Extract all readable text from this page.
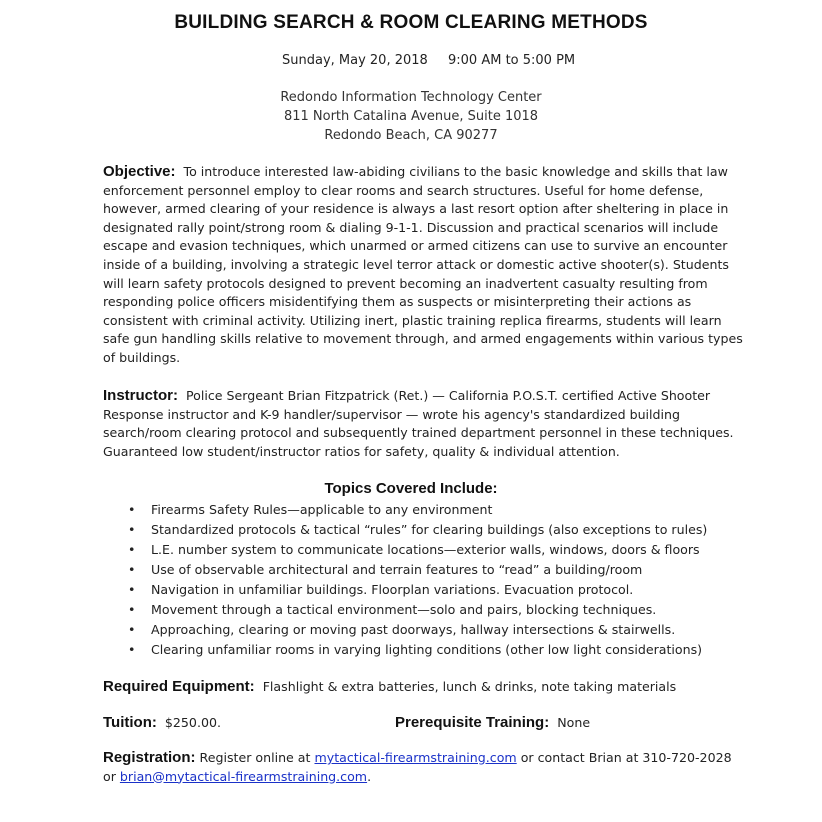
BUILDING SEARCH & ROOM CLEARING METHODS
Sunday, May 20, 2018 9:00 AM to 5:00 PM
Redondo Information Technology Center
811 North Catalina Avenue, Suite 1018
Redondo Beach, CA 90277
Objective: To introduce interested law-abiding civilians to the basic knowledge and skills that law enforcement personnel employ to clear rooms and search structures. Useful for home defense, however, armed clearing of your residence is always a last resort option after sheltering in place in designated rally point/strong room & dialing 9-1-1. Discussion and practical scenarios will include escape and evasion techniques, which unarmed or armed citizens can use to survive an encounter inside of a building, involving a strategic level terror attack or domestic active shooter(s). Students will learn safety protocols designed to prevent becoming an inadvertent casualty resulting from responding police officers misidentifying them as suspects or misinterpreting their actions as consistent with criminal activity. Utilizing inert, plastic training replica firearms, students will learn safe gun handling skills relative to movement through, and armed engagements within various types of buildings.
Instructor: Police Sergeant Brian Fitzpatrick (Ret.) — California P.O.S.T. certified Active Shooter Response instructor and K-9 handler/supervisor — wrote his agency's standardized building search/room clearing protocol and subsequently trained department personnel in these techniques. Guaranteed low student/instructor ratios for safety, quality & individual attention.
Topics Covered Include:
• Firearms Safety Rules—applicable to any environment
• Standardized protocols & tactical “rules” for clearing buildings (also exceptions to rules)
• L.E. number system to communicate locations—exterior walls, windows, doors & floors
• Use of observable architectural and terrain features to “read” a building/room
• Navigation in unfamiliar buildings. Floorplan variations. Evacuation protocol.
• Movement through a tactical environment—solo and pairs, blocking techniques.
• Approaching, clearing or moving past doorways, hallway intersections & stairwells.
• Clearing unfamiliar rooms in varying lighting conditions (other low light considerations)
Required Equipment: Flashlight & extra batteries, lunch & drinks, note taking materials
Tuition: $250.00.	Prerequisite Training: None
Registration: Register online at mytactical-firearmstraining.com or contact Brian at 310-720-2028 or brian@mytactical-firearmstraining.com.
